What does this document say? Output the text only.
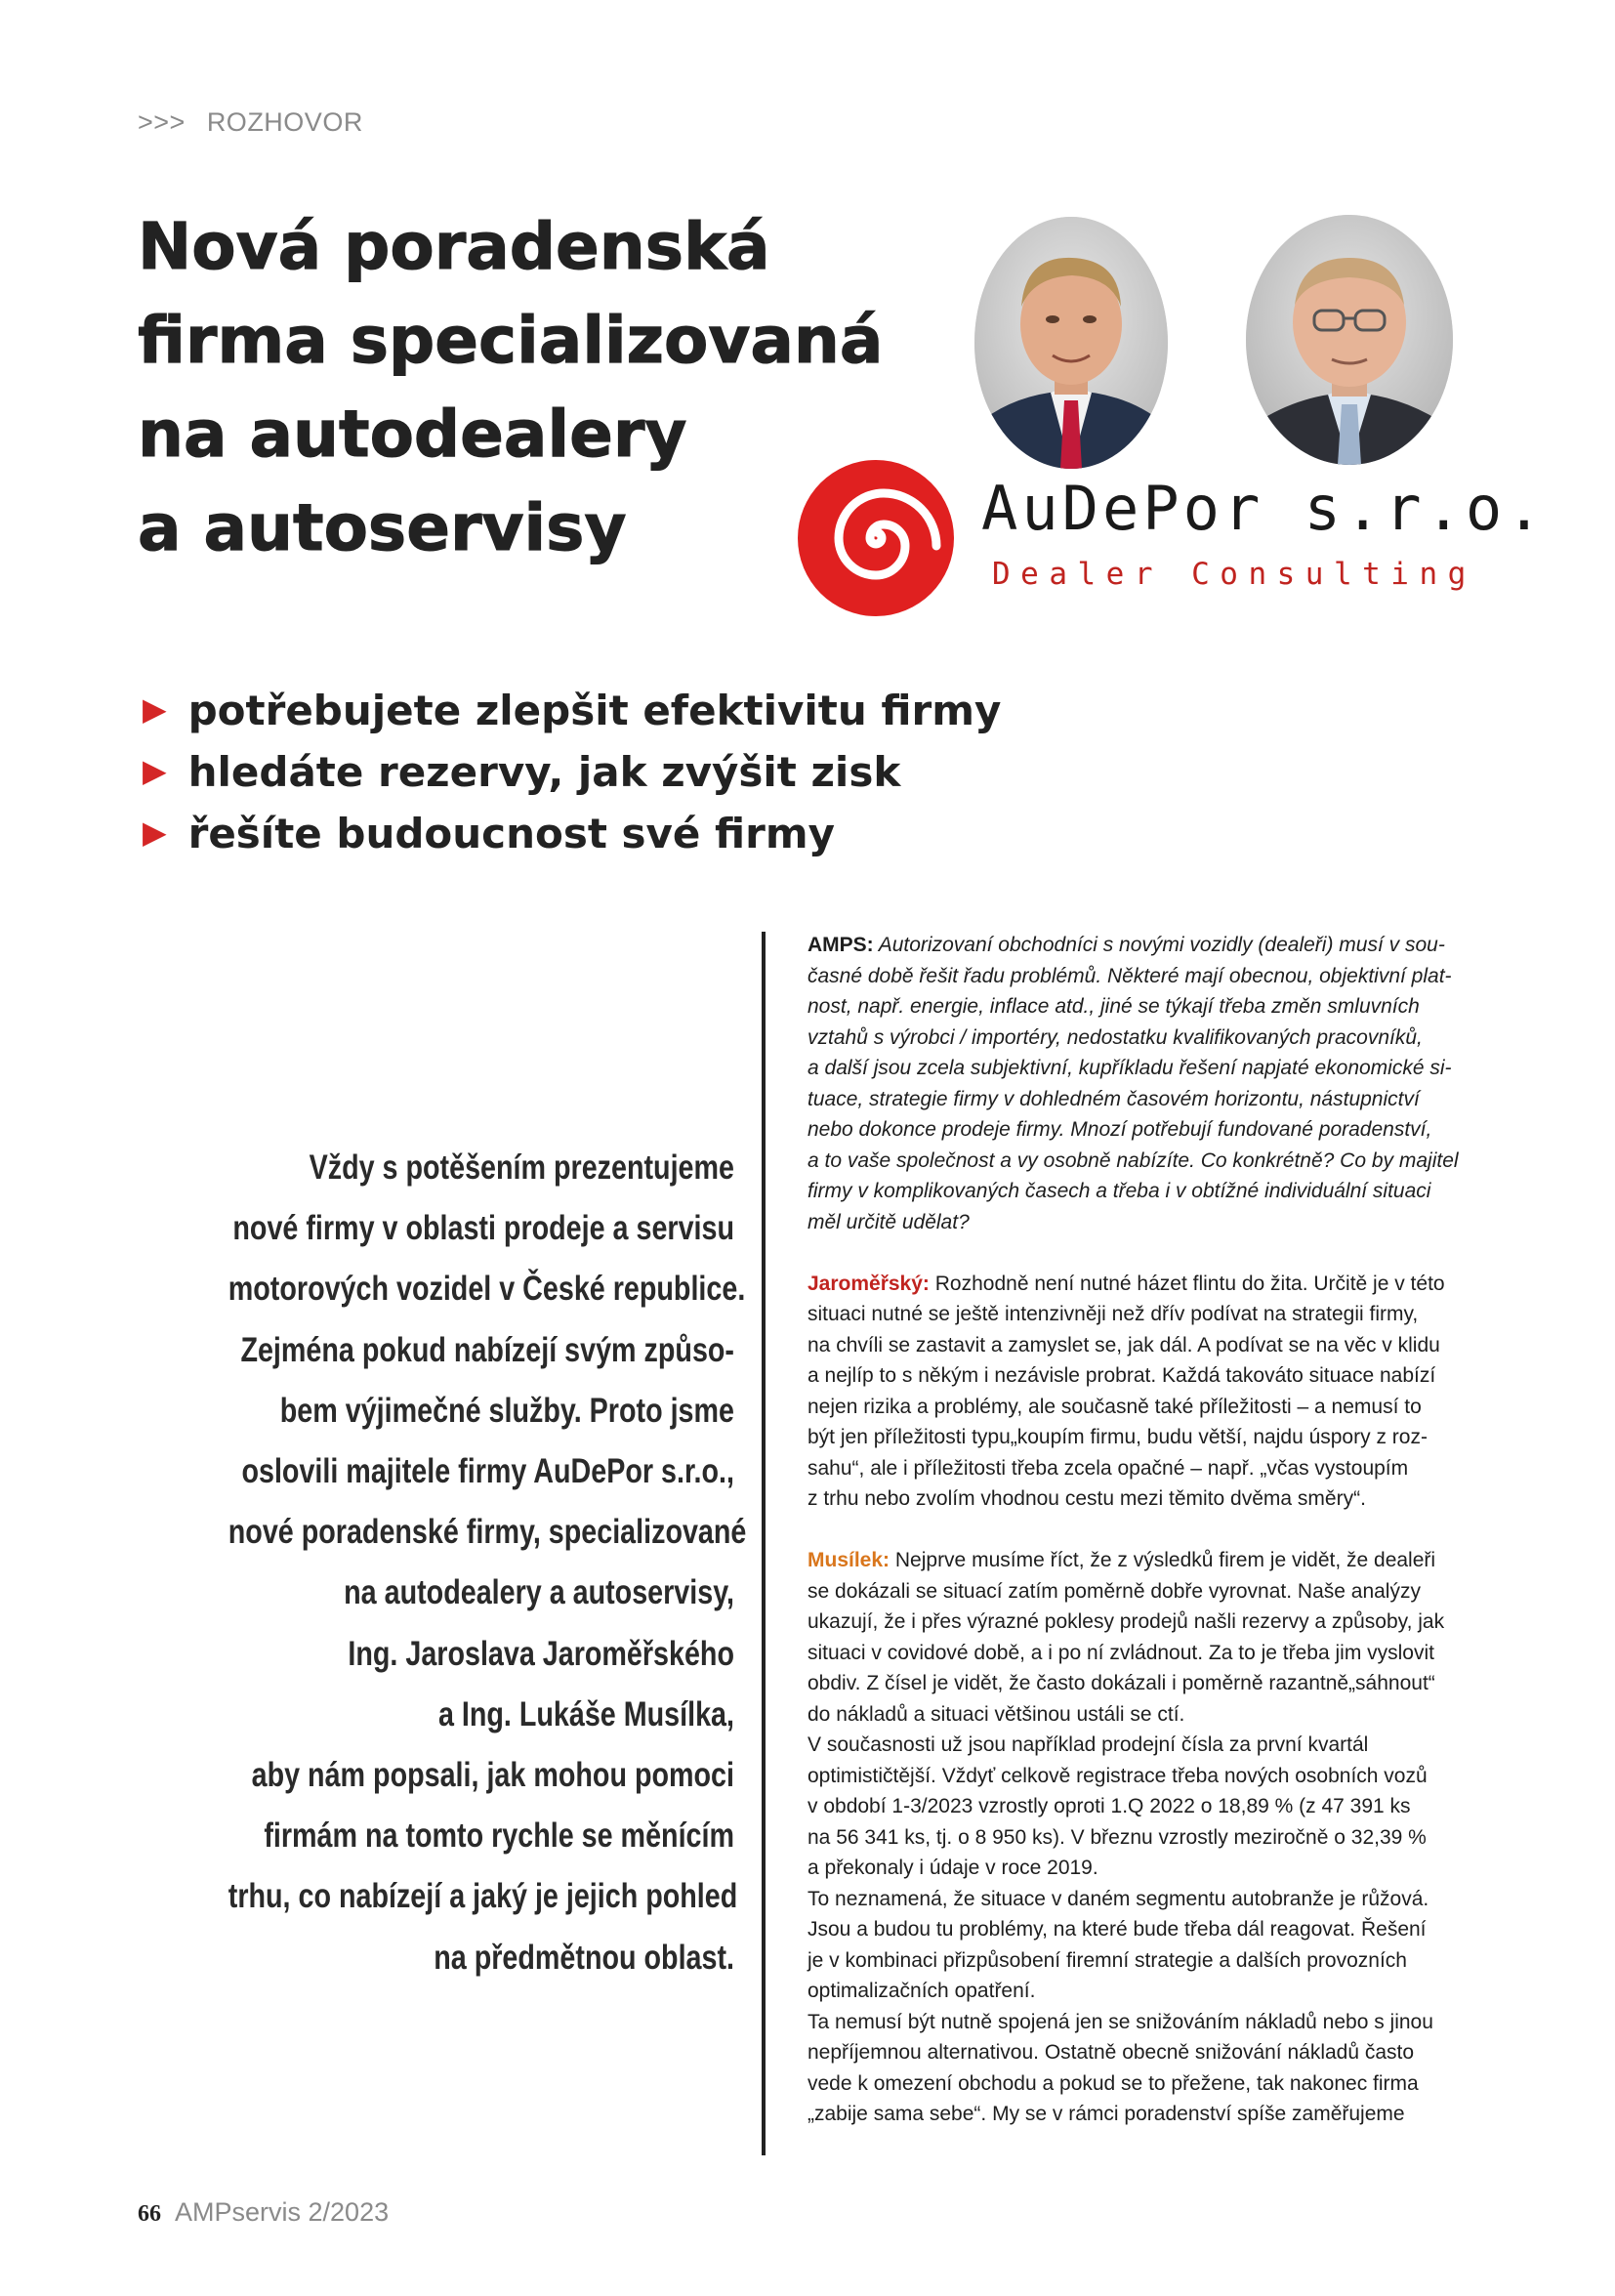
>>> ROZHOVOR
Nová poradenská
firma specializovaná
na autodealery
a autoservisy	AuDePor s.r.o.
Dealer Consulting
▶ potřebujete zlepšit efektivitu firmy
▶ hledáte rezervy, jak zvýšit zisk
▶ řešíte budoucnost své firmy
Vždy s potěšením prezentujeme
nové firmy v oblasti prodeje a servisu
motorových vozidel v České republice.
Zejména pokud nabízejí svým způso-
bem výjimečné služby. Proto jsme
oslovili majitele firmy AuDePor s.r.o.,
nové poradenské firmy, specializované
na autodealery a autoservisy,
Ing. Jaroslava Jaroměřského
a Ing. Lukáše Musílka,
aby nám popsali, jak mohou pomoci
firmám na tomto rychle se měnícím
trhu, co nabízejí a jaký je jejich pohled
na předmětnou oblast.

AMPS: Autorizovaní obchodníci s novými vozidly (dealeři) musí v sou-
časné době řešit řadu problémů. Některé mají obecnou, objektivní plat-
nost, např. energie, inflace atd., jiné se týkají třeba změn smluvních
vztahů s výrobci / importéry, nedostatku kvalifikovaných pracovníků,
a další jsou zcela subjektivní, kupříkladu řešení napjaté ekonomické si-
tuace, strategie firmy v dohledném časovém horizontu, nástupnictví
nebo dokonce prodeje firmy. Mnozí potřebují fundované poradenství,
a to vaše společnost a vy osobně nabízíte. Co konkrétně? Co by majitel
firmy v komplikovaných časech a třeba i v obtížné individuální situaci
měl určitě udělat?

Jaroměřský: Rozhodně není nutné házet flintu do žita. Určitě je v této
situaci nutné se ještě intenzivněji než dřív podívat na strategii firmy,
na chvíli se zastavit a zamyslet se, jak dál. A podívat se na věc v klidu
a nejlíp to s někým i nezávisle probrat. Každá takováto situace nabízí
nejen rizika a problémy, ale současně také příležitosti – a nemusí to
být jen příležitosti typu„koupím firmu, budu větší, najdu úspory z roz-
sahu“, ale i příležitosti třeba zcela opačné – např. „včas vystoupím
z trhu nebo zvolím vhodnou cestu mezi těmito dvěma směry“.

Musílek: Nejprve musíme říct, že z výsledků firem je vidět, že dealeři
se dokázali se situací zatím poměrně dobře vyrovnat. Naše analýzy
ukazují, že i přes výrazné poklesy prodejů našli rezervy a způsoby, jak
situaci v covidové době, a i po ní zvládnout. Za to je třeba jim vyslovit
obdiv. Z čísel je vidět, že často dokázali i poměrně razantně„sáhnout“
do nákladů a situaci většinou ustáli se ctí.
V současnosti už jsou například prodejní čísla za první kvartál
optimističtější. Vždyť celkově registrace třeba nových osobních vozů
v období 1-3/2023 vzrostly oproti 1.Q 2022 o 18,89 % (z 47 391 ks
na 56 341 ks, tj. o 8 950 ks). V březnu vzrostly meziročně o 32,39 %
a překonaly i údaje v roce 2019.
To neznamená, že situace v daném segmentu autobranže je růžová.
Jsou a budou tu problémy, na které bude třeba dál reagovat. Řešení
je v kombinaci přizpůsobení firemní strategie a dalších provozních
optimalizačních opatření.
Ta nemusí být nutně spojená jen se snižováním nákladů nebo s jinou
nepříjemnou alternativou. Ostatně obecně snižování nákladů často
vede k omezení obchodu a pokud se to přežene, tak nakonec firma
„zabije sama sebe“. My se v rámci poradenství spíše zaměřujeme

66 AMPservis 2/2023
